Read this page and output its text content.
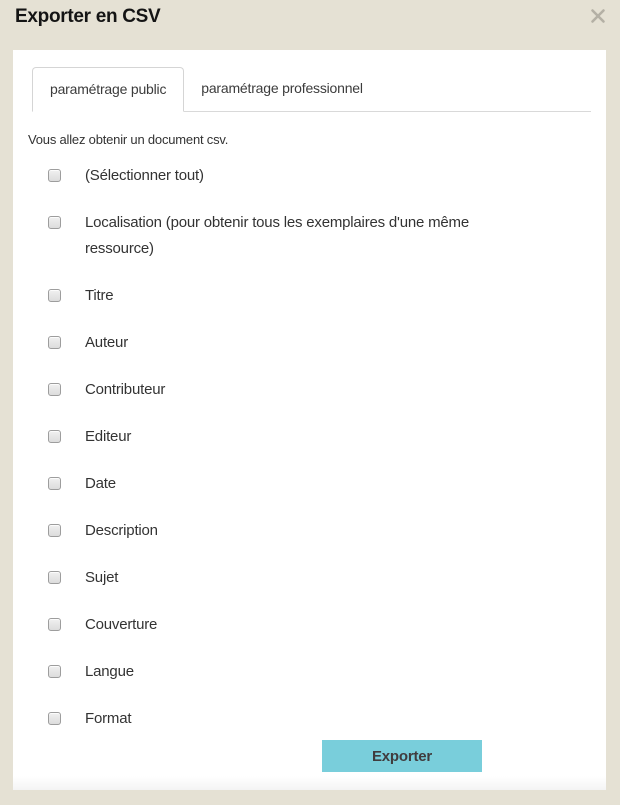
Exporter en CSV
paramétrage public	paramétrage professionnel
Vous allez obtenir un document csv.
(Sélectionner tout)
Localisation (pour obtenir tous les exemplaires d'une même ressource)
Titre
Auteur
Contributeur
Editeur
Date
Description
Sujet
Couverture
Langue
Format
Exporter
